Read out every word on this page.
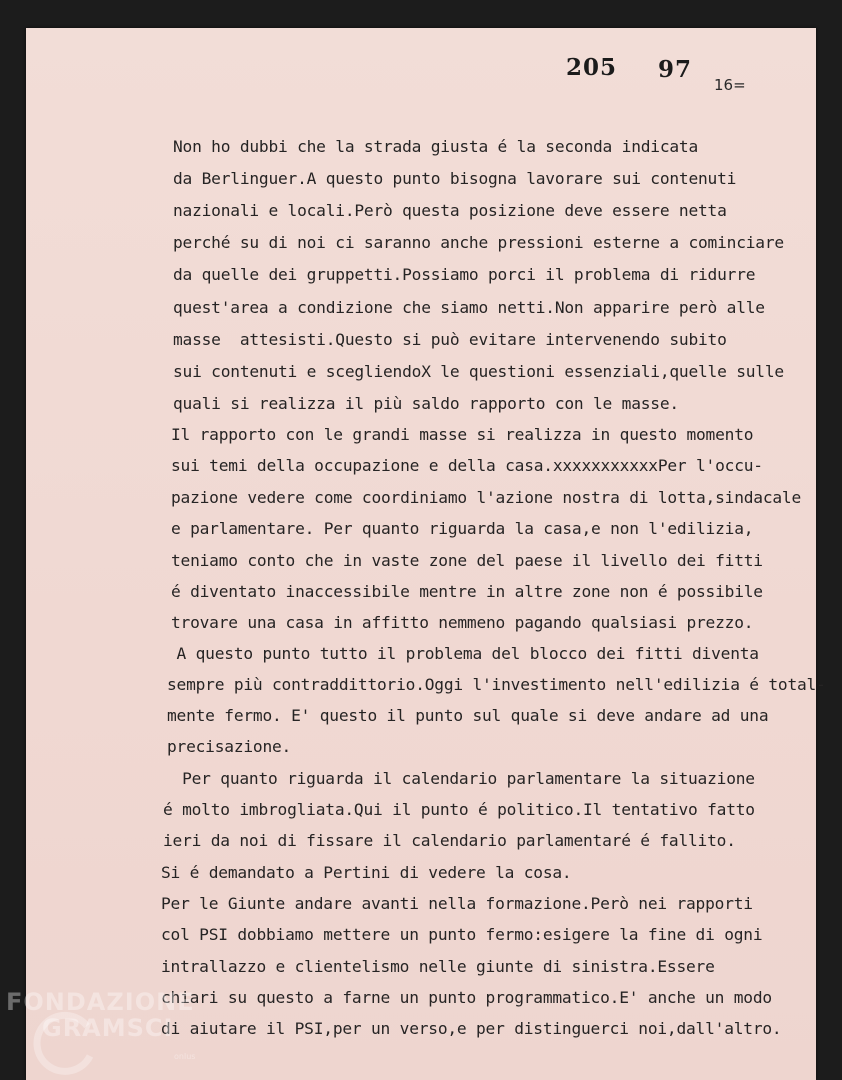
205 97
16=
Non ho dubbi che la strada giusta é la seconda indicata
da Berlinguer.A questo punto bisogna lavorare sui contenuti
nazionali e locali.Però questa posizione deve essere netta
perché su di noi ci saranno anche pressioni esterne a cominciare
da quelle dei gruppetti.Possiamo porci il problema di ridurre
quest'area a condizione che siamo netti.Non apparire però alle
masse  attesisti.Questo si può evitare intervenendo subito
sui contenuti e scegliendoX le questioni essenziali,quelle sulle
quali si realizza il più saldo rapporto con le masse.
Il rapporto con le grandi masse si realizza in questo momento
sui temi della occupazione e della casa.xxxxxxxxxxxPer l'occu-
pazione vedere come coordiniamo l'azione nostra di lotta,sindacale
e parlamentare. Per quanto riguarda la casa,e non l'edilizia,
teniamo conto che in vaste zone del paese il livello dei fitti
é diventato inaccessibile mentre in altre zone non é possibile
trovare una casa in affitto nemmeno pagando qualsiasi prezzo.
A questo punto tutto il problema del blocco dei fitti diventa
sempre più contraddittorio.Oggi l'investimento nell'edilizia é total-
mente fermo. E' questo il punto sul quale si deve andare ad una
precisazione.
Per quanto riguarda il calendario parlamentare la situazione
é molto imbrogliata.Qui il punto é politico.Il tentativo fatto
ieri da noi di fissare il calendario parlamentaré é fallito.
Si é demandato a Pertini di vedere la cosa.
Per le Giunte andare avanti nella formazione.Però nei rapporti
col PSI dobbiamo mettere un punto fermo:esigere la fine di ogni
intrallazzo e clientelismo nelle giunte di sinistra.Essere
chiari su questo a farne un punto programmatico.E' anche un modo
di aiutare il PSI,per un verso,e per distinguerci noi,dall'altro.
FONDAZIONE
GRAMSCI
onlus
